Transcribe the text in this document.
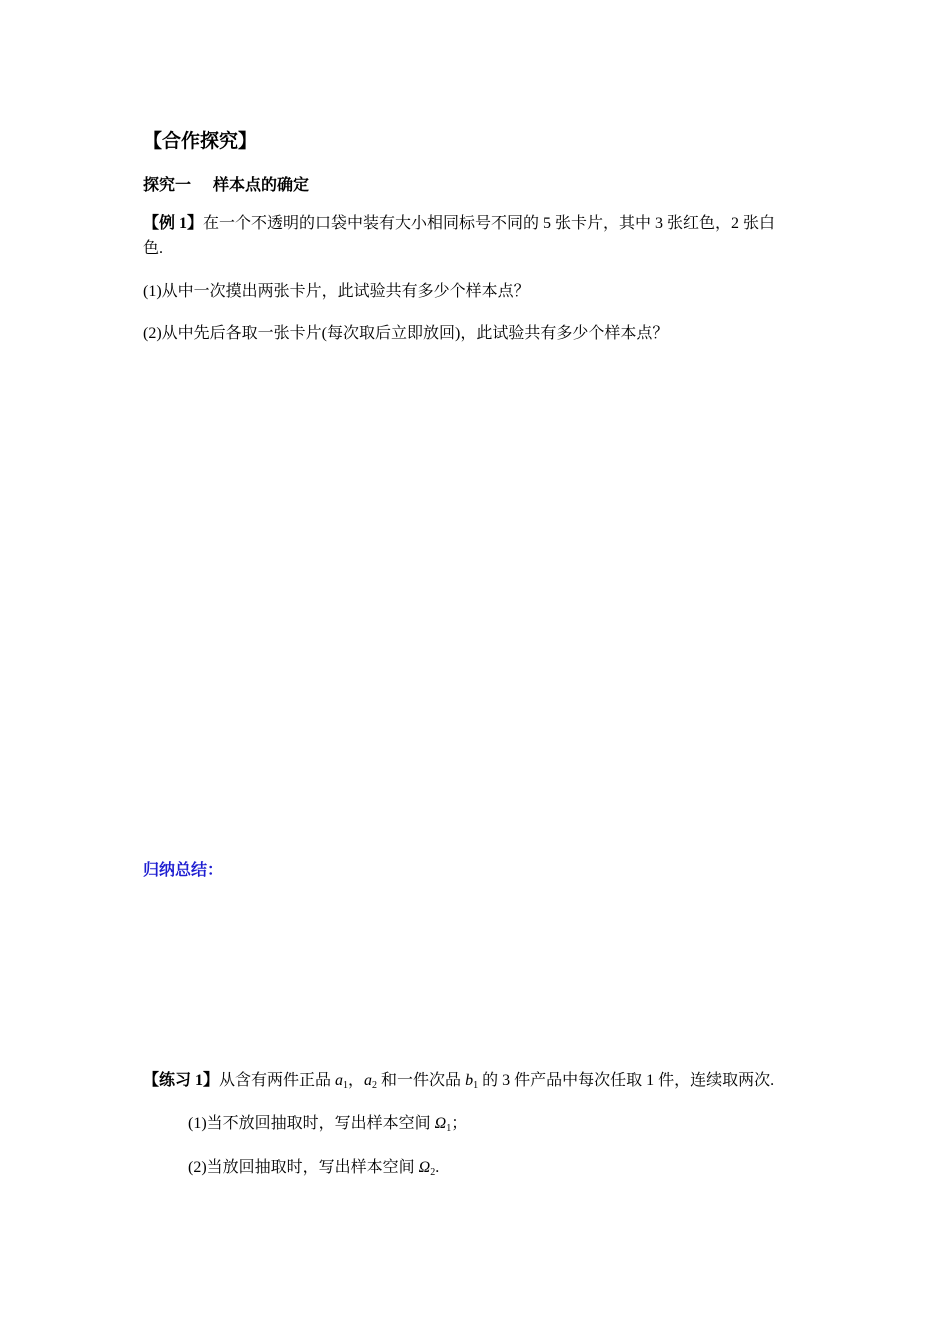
【合作探究】
探究一 样本点的确定
【例 1】在一个不透明的口袋中装有大小相同标号不同的 5 张卡片，其中 3 张红色，2 张白
色.
(1)从中一次摸出两张卡片，此试验共有多少个样本点？
(2)从中先后各取一张卡片(每次取后立即放回)，此试验共有多少个样本点？
归纳总结：
【练习 1】从含有两件正品 $a_1$，$a_2$ 和一件次品 $b_1$ 的 3 件产品中每次任取 1 件，连续取两次.
(1)当不放回抽取时，写出样本空间 $\Omega_1$；
(2)当放回抽取时，写出样本空间 $\Omega_2$.
